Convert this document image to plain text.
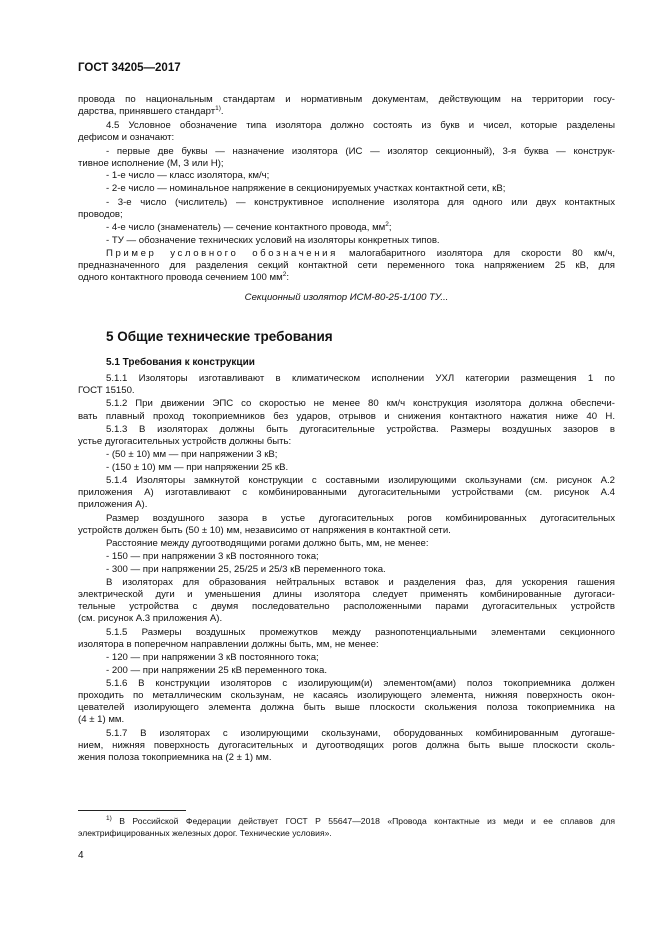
ГОСТ 34205—2017

провода по национальным стандартам и нормативным документам, действующим на территории госу-

дарства, принявшего стандарт$^{1)}$.

4.5 Условное обозначение типа изолятора должно состоять из букв и чисел, которые разделены

дефисом и означают:

- первые две буквы — назначение изолятора (ИС — изолятор секционный), 3-я буква — конструк-

тивное исполнение (М, З или Н);

- 1-е число — класс изолятора, км/ч;

- 2-е число — номинальное напряжение в секционируемых участках контактной сети, кВ;

- 3-е число (числитель) — конструктивное исполнение изолятора для одного или двух контактных

проводов;

- 4-е число (знаменатель) — сечение контактного провода, $мм^2$;

- ТУ — обозначение технических условий на изоляторы конкретных типов.

Пример условного обозначения малогабаритного изолятора для скорости 80 км/ч,

предназначенного для разделения секций контактной сети переменного тока напряжением 25 кВ, для

одного контактного провода сечением 100 $мм^2$:

Секционный изолятор ИСМ-80-25-1/100 ТУ...

5 Общие технические требования

5.1 Требования к конструкции

5.1.1 Изоляторы изготавливают в климатическом исполнении УХЛ категории размещения 1 по

ГОСТ 15150.

5.1.2 При движении ЭПС со скоростью не менее 80 км/ч конструкция изолятора должна обеспечи-

вать плавный проход токоприемников без ударов, отрывов и снижения контактного нажатия ниже 40 Н.

5.1.3 В изоляторах должны быть дугогасительные устройства. Размеры воздушных зазоров в

устье дугогасительных устройств должны быть:

- (50 ± 10) мм — при напряжении 3 кВ;

- (150 ± 10) мм — при напряжении 25 кВ.

5.1.4 Изоляторы замкнутой конструкции с составными изолирующими скользунами (см. рисунок А.2

приложения А) изготавливают с комбинированными дугогасительными устройствами (см. рисунок А.4

приложения А).

Размер воздушного зазора в устье дугогасительных рогов комбинированных дугогасительных

устройств должен быть (50 ± 10) мм, независимо от напряжения в контактной сети.

Расстояние между дугоотводящими рогами должно быть, мм, не менее:

- 150 — при напряжении 3 кВ постоянного тока;

- 300 — при напряжении 25, 25/25 и 25/3 кВ переменного тока.

В изоляторах для образования нейтральных вставок и разделения фаз, для ускорения гашения

электрической дуги и уменьшения длины изолятора следует применять комбинированные дугогаси-

тельные устройства с двумя последовательно расположенными парами дугогасительных устройств

(см. рисунок А.3 приложения А).

5.1.5 Размеры воздушных промежутков между разнопотенциальными элементами секционного

изолятора в поперечном направлении должны быть, мм, не менее:

- 120 — при напряжении 3 кВ постоянного тока;

- 200 — при напряжении 25 кВ переменного тока.

5.1.6 В конструкции изоляторов с изолирующим(и) элементом(ами) полоз токоприемника должен

проходить по металлическим скользунам, не касаясь изолирующего элемента, нижняя поверхность окон-

цевателей изолирующего элемента должна быть выше плоскости скольжения полоза токоприемника на

(4 ± 1) мм.

5.1.7 В изоляторах с изолирующими скользунами, оборудованных комбинированным дугогаше-

нием, нижняя поверхность дугогасительных и дугоотводящих рогов должна быть выше плоскости сколь-

жения полоза токоприемника на (2 ± 1) мм.

$^{1)}$ В Российской Федерации действует ГОСТ Р 55647—2018 «Провода контактные из меди и ее сплавов для

электрифицированных железных дорог. Технические условия».

4
